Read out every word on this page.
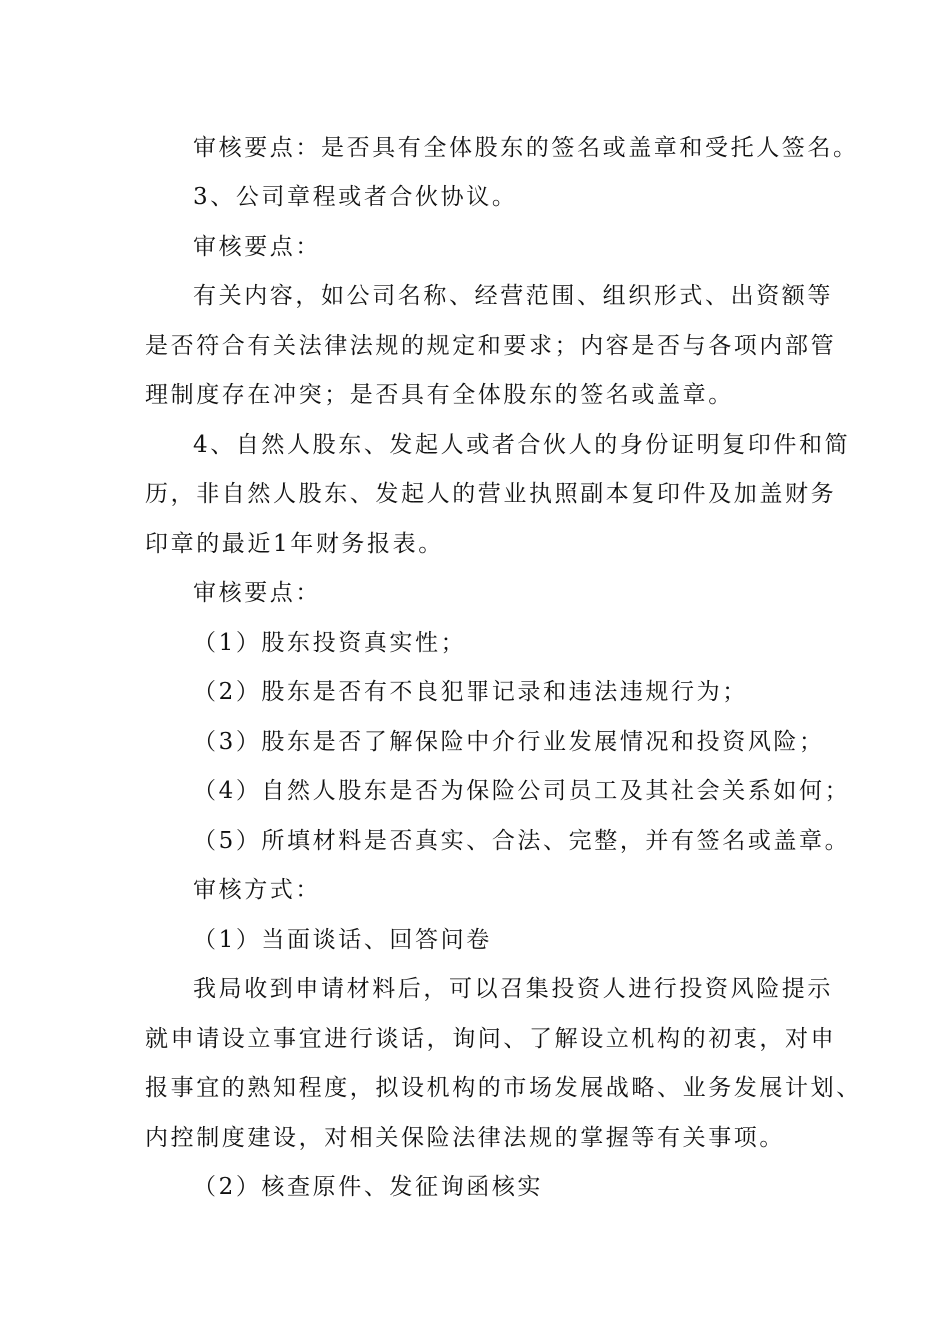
审核要点：是否具有全体股东的签名或盖章和受托人签名。
3、公司章程或者合伙协议。
审核要点：
有关内容，如公司名称、经营范围、组织形式、出资额等
是否符合有关法律法规的规定和要求；内容是否与各项内部管
理制度存在冲突；是否具有全体股东的签名或盖章。
4、自然人股东、发起人或者合伙人的身份证明复印件和简
历，非自然人股东、发起人的营业执照副本复印件及加盖财务
印章的最近1年财务报表。
审核要点：
（1）股东投资真实性；
（2）股东是否有不良犯罪记录和违法违规行为；
（3）股东是否了解保险中介行业发展情况和投资风险；
（4）自然人股东是否为保险公司员工及其社会关系如何；
（5）所填材料是否真实、合法、完整，并有签名或盖章。
审核方式：
（1）当面谈话、回答问卷
我局收到申请材料后，可以召集投资人进行投资风险提示
就申请设立事宜进行谈话，询问、了解设立机构的初衷，对申
报事宜的熟知程度，拟设机构的市场发展战略、业务发展计划、
内控制度建设，对相关保险法律法规的掌握等有关事项。
（2）核查原件、发征询函核实
